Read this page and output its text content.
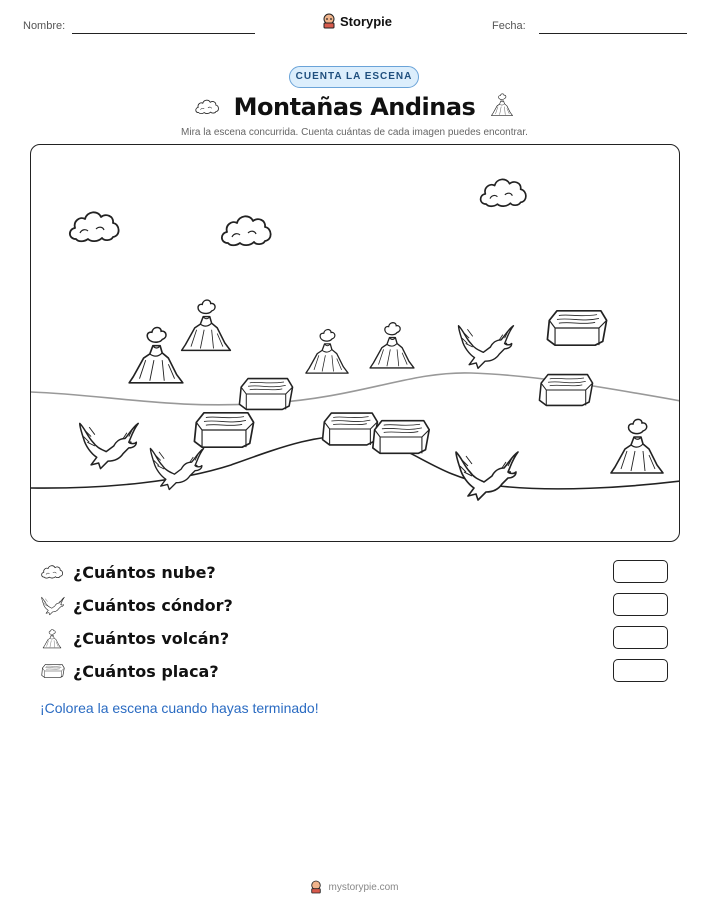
Nombre:	Storypie	Fecha:
CUENTA LA ESCENA
Montañas Andinas
Mira la escena concurrida. Cuenta cuántas de cada imagen puedes encontrar.
¿Cuántos nube?
¿Cuántos cóndor?
¿Cuántos volcán?
¿Cuántos placa?
¡Colorea la escena cuando hayas terminado!
mystorypie.com
